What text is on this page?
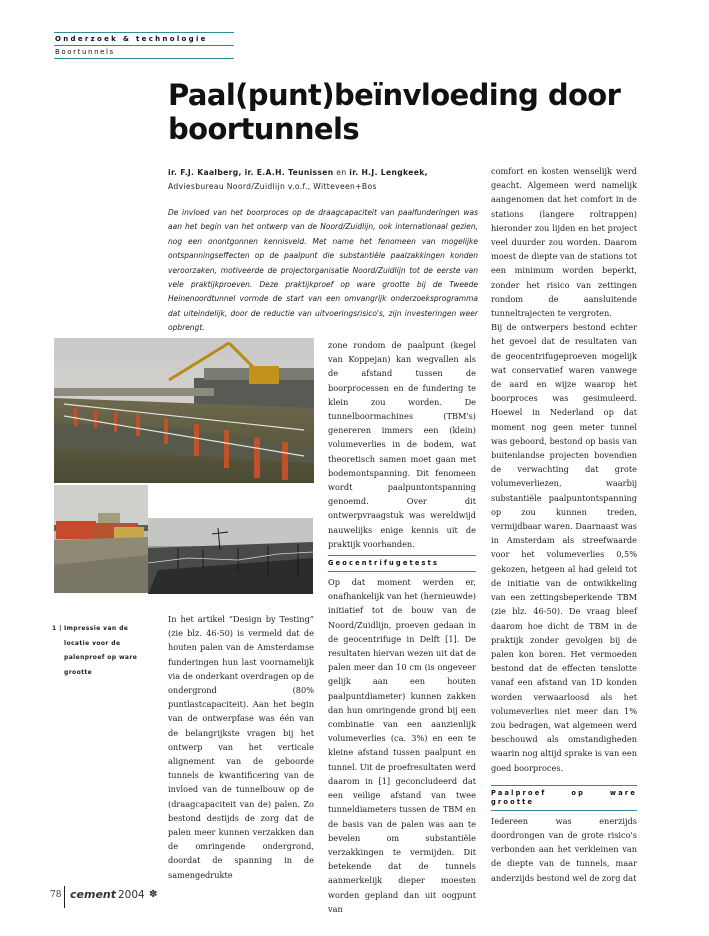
Onderzoek & technologie
Boortunnels
Paal(punt)beïnvloeding door
boortunnels
ir. F.J. Kaalberg, ir. E.A.H. Teunissen en ir. H.J. Lengkeek, Adviesbureau Noord/Zuidlijn v.o.f., Witteveen+Bos
De invloed van het boorproces op de draagcapaciteit van paalfunderingen was aan het begin van het ontwerp van de Noord/Zuidlijn, ook internationaal gezien, nog een onontgonnen kennisveld. Met name het fenomeen van mogelijke ontspanningseffecten op de paalpunt die substantiële paalzakkingen konden veroorzaken, motiveerde de projectorganisatie Noord/Zuidlijn tot de eerste van vele praktijkproeven. Deze praktijkproef op ware grootte bij de Tweede Heinenoordtunnel vormde de start van een omvangrijk onderzoeksprogramma dat uiteindelijk, door de reductie van uitvoeringsrisico's, zijn investeringen weer opbrengt.
1 | Impressie van de locatie voor de palenproef op ware grootte

In het artikel “Design by Testing” (zie blz. 46-50) is vermeld dat de houten palen van de Amsterdamse funderingen hun last voornamelijk via de onderkant overdragen op de ondergrond (80% puntlastcapaciteit). Aan het begin van de ontwerpfase was één van de belangrijkste vragen bij het ontwerp van het verticale alignement van de geboorde tunnels de kwantificering van de invloed van de tunnelbouw op de (draagcapaciteit van de) palen. Zo bestond destijds de zorg dat de palen meer kunnen verzakken dan de omringende ondergrond, doordat de spanning in de samengedrukte

zone rondom de paalpunt (kegel van Koppejan) kan wegvallen als de afstand tussen de boorprocessen en de fundering te klein zou worden. De tunnelboormachines (TBM's) genereren immers een (klein) volumeverlies in de bodem, wat theoretisch samen moet gaan met bodemontspanning. Dit fenomeen wordt paalpuntontspanning genoemd. Over dit ontwerpvraagstuk was wereldwijd nauwelijks enige kennis uit de praktijk voorhanden.

Geocentrifugetests

Op dat moment werden er, onafhankelijk van het (hernieuwde) initiatief tot de bouw van de Noord/Zuidlijn, proeven gedaan in de geocentrifuge in Delft [1]. De resultaten hiervan wezen uit dat de palen meer dan 10 cm (is ongeveer gelijk aan een houten paalpuntdiameter) kunnen zakken dan hun omringende grond bij een combinatie van een aanzienlijk volumeverlies (ca. 3%) en een te kleine afstand tussen paalpunt en tunnel. Uit de proefresultaten werd daarom in [1] geconcludeerd dat een veilige afstand van twee tunneldiameters tussen de TBM en de basis van de palen was aan te bevelen om substantiële verzakkingen te vermijden. Dit betekende dat de tunnels aanmerkelijk dieper moesten worden gepland dan uit oogpunt van

comfort en kosten wenselijk werd geacht. Algemeen werd namelijk aangenomen dat het comfort in de stations (langere roltrappen) hieronder zou lijden en het project veel duurder zou worden. Daarom moest de diepte van de stations tot een minimum worden beperkt, zonder het risico van zettingen rondom de aansluitende tunneltrajecten te vergroten.

Bij de ontwerpers bestond echter het gevoel dat de resultaten van de geocentrifugeproeven mogelijk wat conservatief waren vanwege de aard en wijze waarop het boorproces was gesimuleerd. Hoewel in Nederland op dat moment nog geen meter tunnel was geboord, bestond op basis van buitenlandse projecten bovendien de verwachting dat grote volumeverliezen, waarbij substantiële paalpuntontspanning op zou kunnen treden, vermijdbaar waren. Daarnaast was in Amsterdam als streefwaarde voor het volumeverlies 0,5% gekozen, hetgeen al had geleid tot de initiatie van de ontwikkeling van een zettingsbeperkende TBM (zie blz. 46-50). De vraag bleef daarom hoe dicht de TBM in de praktijk zonder gevolgen bij de palen kon boren. Het vermoeden bestond dat de effecten tenslotte vanaf een afstand van 1D konden worden verwaarloosd als het volumeverlies niet meer dan 1% zou bedragen, wat algemeen werd beschouwd als omstandigheden waarin nog altijd sprake is van een goed boorproces.

Paalproef op ware grootte

Iedereen was enerzijds doordrongen van de grote risico's verbonden aan het verkleinen van de diepte van de tunnels, maar anderzijds bestond wel de zorg dat

78 cement 2004 ✽
